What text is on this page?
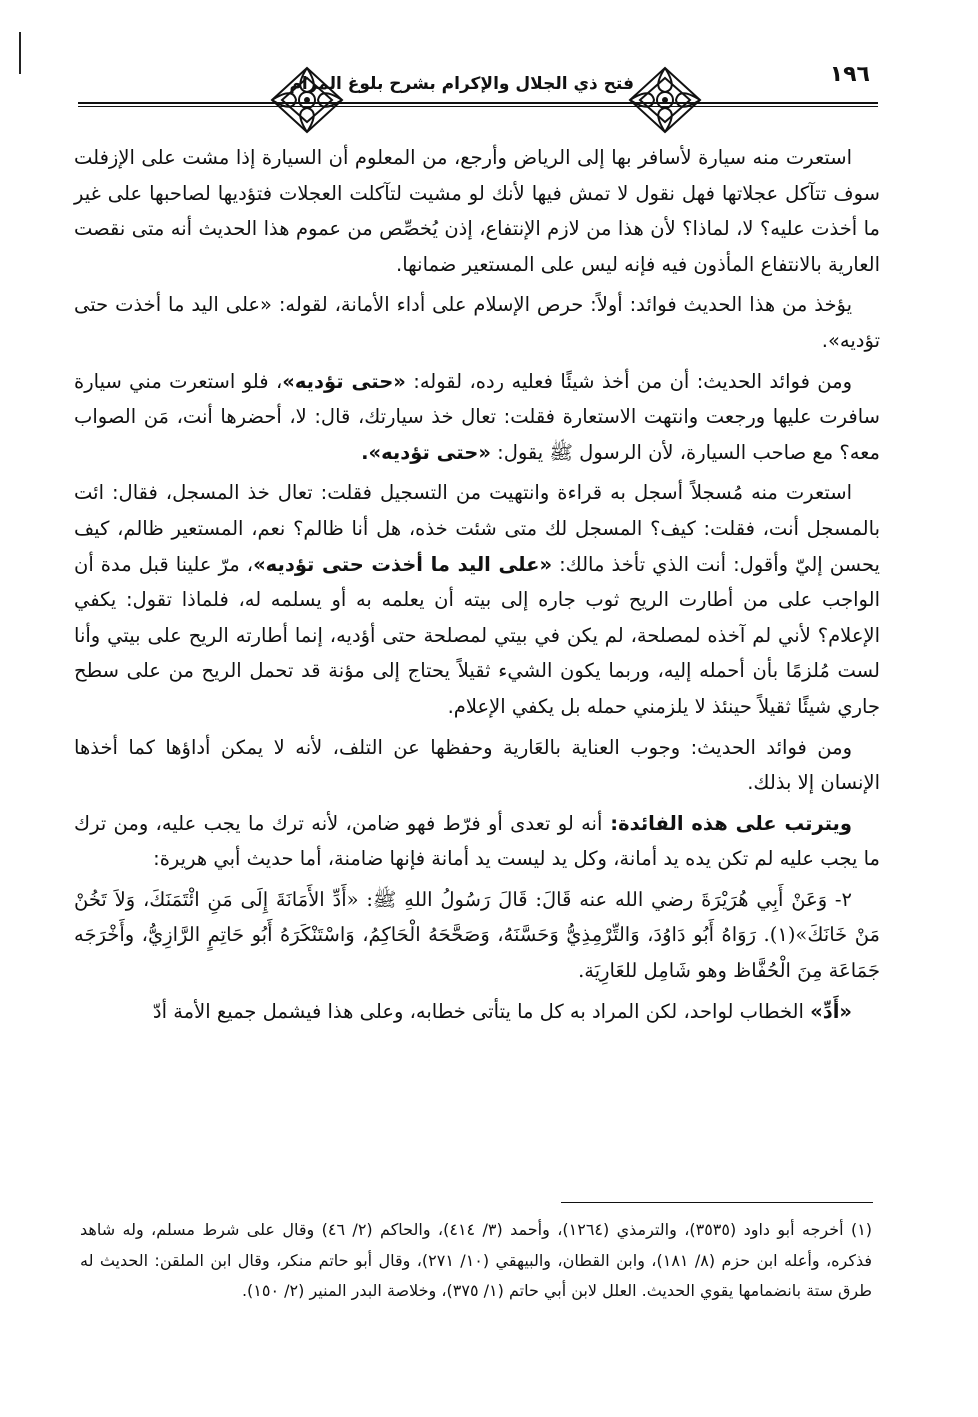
١٩٦
فتح ذي الجلال والإكرام بشرح بلوغ المرام

استعرت منه سيارة لأسافر بها إلى الرياض وأرجع، من المعلوم أن السيارة إذا مشت على الإزفلت سوف تتآكل عجلاتها فهل نقول لا تمش فيها لأنك لو مشيت لتآكلت العجلات فتؤديها لصاحبها على غير ما أخذت عليه؟ لا، لماذا؟ لأن هذا من لازم الإنتفاع، إذن يُخصِّص من عموم هذا الحديث أنه متى نقصت العارية بالانتفاع المأذون فيه فإنه ليس على المستعير ضمانها.

يؤخذ من هذا الحديث فوائد: أولاً: حرص الإسلام على أداء الأمانة، لقوله: «على اليد ما أخذت حتى تؤديه».

ومن فوائد الحديث: أن من أخذ شيئًا فعليه رده، لقوله: «حتى تؤديه»، فلو استعرت مني سيارة سافرت عليها ورجعت وانتهت الاستعارة فقلت: تعال خذ سيارتك، قال: لا، أحضرها أنت، مَن الصواب معه؟ مع صاحب السيارة، لأن الرسول ﷺ يقول: «حتى تؤديه».

استعرت منه مُسجلاً أسجل به قراءة وانتهيت من التسجيل فقلت: تعال خذ المسجل، فقال: ائت بالمسجل أنت، فقلت: كيف؟ المسجل لك متى شئت خذه، هل أنا ظالم؟ نعم، المستعير ظالم، كيف يحسن إليّ وأقول: أنت الذي تأخذ مالك: «على اليد ما أخذت حتى تؤديه»، مرّ علينا قبل مدة أن الواجب على من أطارت الريح ثوب جاره إلى بيته أن يعلمه به أو يسلمه له، فلماذا تقول: يكفي الإعلام؟ لأني لم آخذه لمصلحة، لم يكن في بيتي لمصلحة حتى أؤديه، إنما أطارته الريح على بيتي وأنا لست مُلزمًا بأن أحمله إليه، وربما يكون الشيء ثقيلاً يحتاج إلى مؤنة قد تحمل الريح من على سطح جاري شيئًا ثقيلاً حينئذ لا يلزمني حمله بل يكفي الإعلام.

ومن فوائد الحديث: وجوب العناية بالعَارية وحفظها عن التلف، لأنه لا يمكن أداؤها كما أخذها الإنسان إلا بذلك.

ويترتب على هذه الفائدة: أنه لو تعدى أو فرّط فهو ضامن، لأنه ترك ما يجب عليه، ومن ترك ما يجب عليه لم تكن يده يد أمانة، وكل يد ليست يد أمانة فإنها ضامنة، أما حديث أبي هريرة:

٢- وَعَنْ أَبِي هُرَيْرَةَ رضي الله عنه قَالَ: قَالَ رَسُولُ اللهِ ﷺ: «أَدِّ الأَمَانَةَ إِلَى مَنِ ائْتَمَنَكَ، وَلاَ تَخُنْ مَنْ خَانَكَ»(١). رَوَاهُ أَبُو دَاوُدَ، وَالتِّرْمِذِيُّ وَحَسَّنَهُ، وَصَحَّحَهُ الْحَاكِمُ، وَاسْتَنْكَرَهُ أَبُو حَاتِمٍ الرَّازِيُّ، وأَخْرَجَه جَمَاعَة مِنَ الْحُفَّاظ وهو شَامِل للعَارِيَة.

«أَدِّ» الخطاب لواحد، لكن المراد به كل ما يتأتى خطابه، وعلى هذا فيشمل جميع الأمة أدّ

(١) أخرجه أبو داود (٣٥٣٥)، والترمذي (١٢٦٤)، وأحمد (٣/ ٤١٤)، والحاكم (٢/ ٤٦) وقال على شرط مسلم، وله شاهد فذكره، وأعله ابن حزم (٨/ ١٨١)، وابن القطان، والبيهقي (١٠/ ٢٧١)، وقال أبو حاتم منكر، وقال ابن الملقن: الحديث له طرق ستة بانضمامها يقوي الحديث. العلل لابن أبي حاتم (١/ ٣٧٥)، وخلاصة البدر المنير (٢/ ١٥٠).
